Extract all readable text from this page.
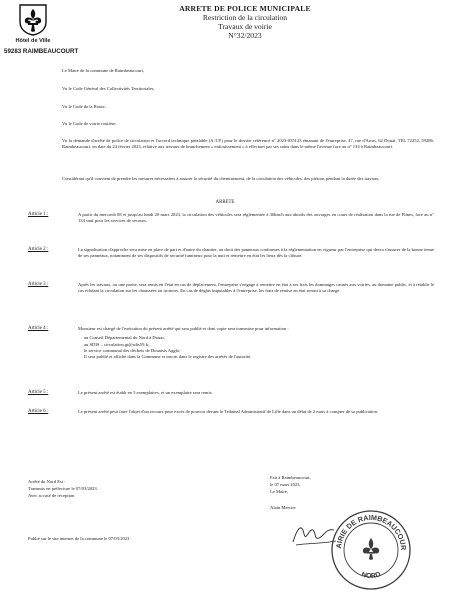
Hôtel de Ville
59283 RAIMBEAUCOURT
ARRETE DE POLICE MUNICIPALE
Restriction de la circulation
Travaux de voirie
N°32/2023

Le Maire de la commune de Raimbeaucourt,

Vu le Code Général des Collectivités Territoriales,

Vu le Code de la Route,

Vu le Code de voirie routière,

Vu la demande d'arrêté de police de circulation et l'accord technique préalable (A.T.P.) pour le dossier référencé n° 2023-035123 émanant de l'entreprise, 47, rue d'Arras, 62 Douai, TEL 72252, 59286, Raimbeaucourt, en date du 24 février 2023, relative aux travaux de branchement « enfouissement » à effectuer par ses soins dans le même l'avenue face au n° 134 à Raimbeaucourt.

Considérant qu'il convient de prendre les mesures nécessaires à assurer la sécurité du cheminement, de la circulation des véhicules, des piétons pendant la durée des travaux,

ARRETE
Article 1 :	A partir du mercredi 08 et jusqu'au lundi 20 mars 2023, la circulation des véhicules sera réglementée à 30km/h aux abords des ouvrages en cours de réalisation dans la rue de Flines, face au n° 134 sauf pour les services de secours.

Article 2 :	La signalisation d'approche sera mise en place de part et d'autre du chantier, au droit des panneaux conformes à la réglementation en vigueur par l'entreprise qui devra s'assurer de la bonne tenue de ses panneaux, notamment de ses dispositifs de sécurité lumineux pour la nuit et remettre en état les lieux dès la clôture.

Article 3 :	Après les travaux, ou une partie, sera remis en l'état en cas de déplacement, l'entreprise s'engage à remettre en état à ses frais les dommages causés aux voiries, au domaine public, et à rétablir le cas échéant la circulation sur les chaussées ou trottoirs. En cas de dégâts imputables à l'entreprise, les frais de remise en état seront à sa charge.

Article 4 :	Monsieur est chargé de l'exécution du présent arrêté qui sera publié et dont copie sera transmise pour information :

au Conseil Départemental du Nord à Douai,

au SDIS – circulation.gt@sdis59.fr,

le service communal des déchets de Douaisis Agglo,

Il sera publié et affiché dans la Commune et inscrit dans le registre des arrêtés de l'autorité.

Article 5 :	Le présent arrêté est établi en 3 exemplaires, et un exemplaire sera remis.

Article 6 :	Le présent arrêté peut faire l'objet d'un recours pour excès de pouvoir devant le Tribunal Administratif de Lille dans un délai de 2 mois à compter de sa publication.

Arrêté du Nord Est :
Transmis en préfecture le 07/03/2023
Avec accusé de réception
Fait à Raimbeaucourt,
le 07 mars 2023,
Le Maire,
Alain Mercier
AIRIE DE RAIMBEAUCOUR
NORD
Publié sur le site internet de la commune le 07/03/2023
